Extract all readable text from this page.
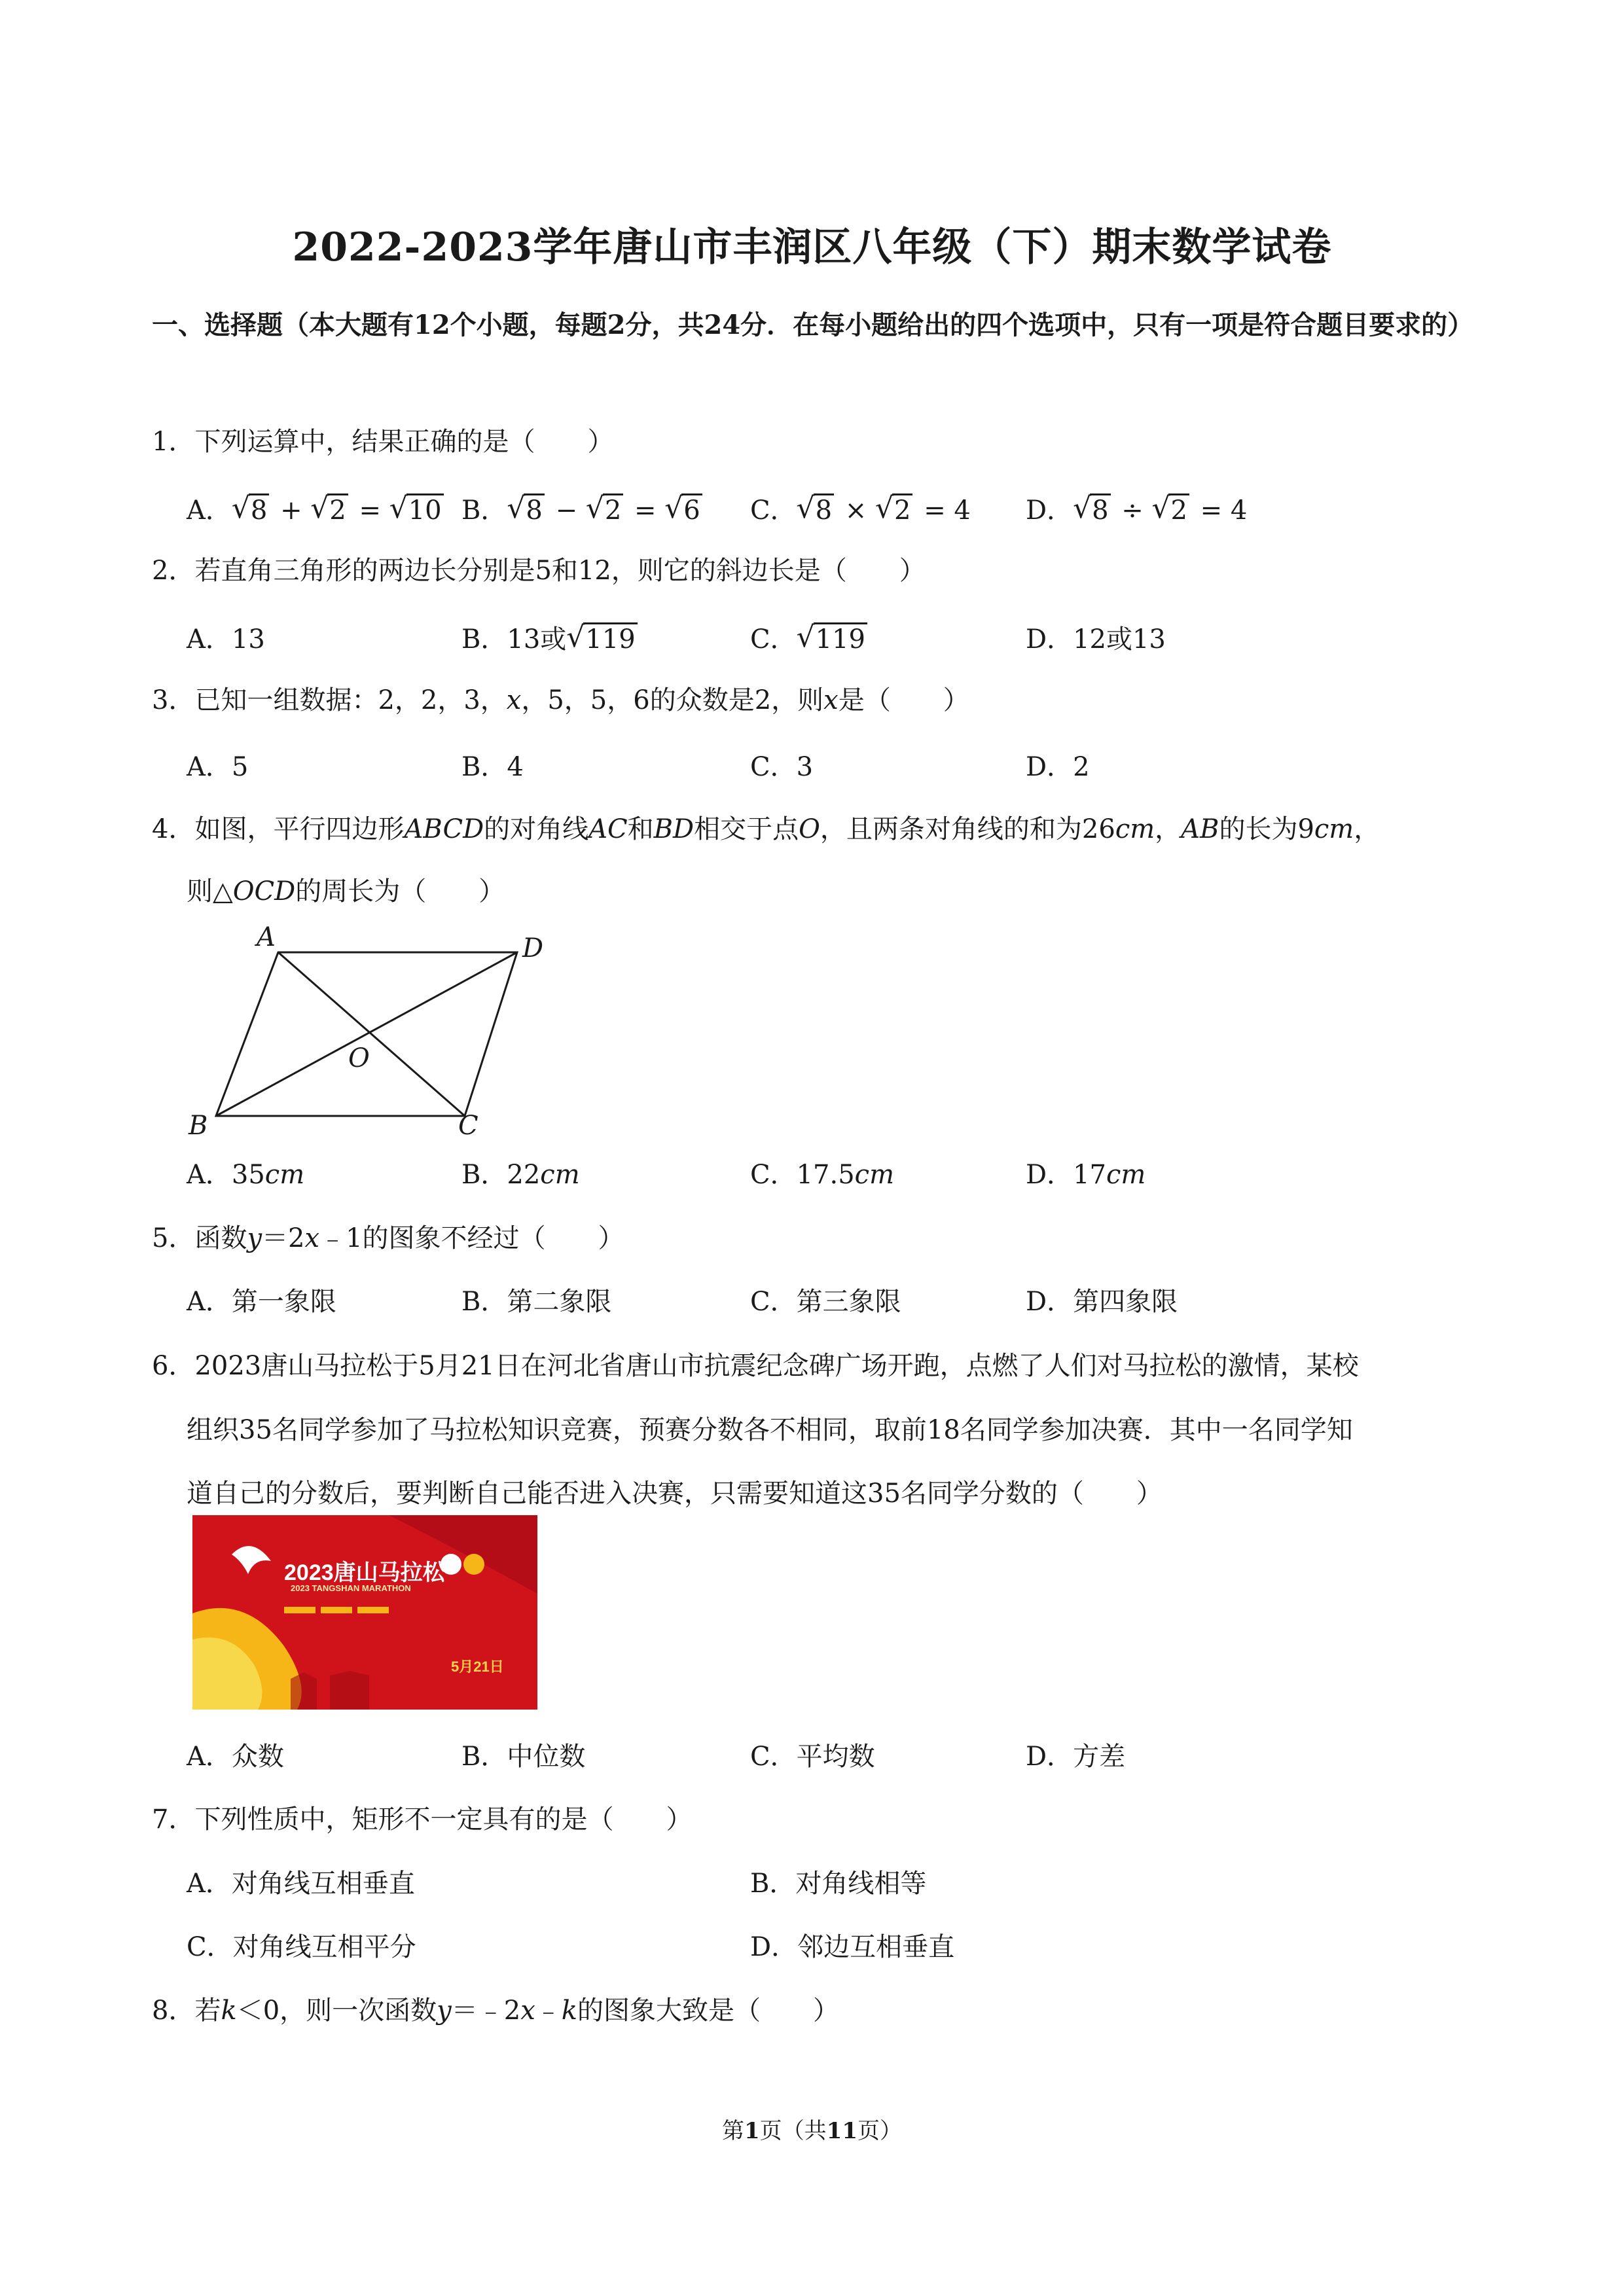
2022-2023学年唐山市丰润区八年级（下）期末数学试卷
一、选择题（本大题有12个小题，每题2分，共24分．在每小题给出的四个选项中，只有一项是符合题目要求的）
1．下列运算中，结果正确的是（　　）
A． √ 8 + √ 2 = √ 10 B． √ 8 − √ 2 = √ 6 C． √ 8 × √ 2 = 4 D． √ 8 ÷ √ 2 = 4
2．若直角三角形的两边长分别是5和12，则它的斜边长是（　　）
A．13	B．13或 √ 119	C． √ 119	D．12或13
3．已知一组数据：2，2，3，x，5，5，6的众数是2，则x是（　　）
A．5	B．4	C．3	D．2
4．如图，平行四边形ABCD的对角线AC和BD相交于点O，且两条对角线的和为26cm，AB的长为9cm，
则△OCD的周长为（　　）
A	D
B	C
O
A．35cm	B．22cm	C．17.5cm	D．17cm
5．函数y＝2x﹣1的图象不经过（　　）
A．第一象限	B．第二象限	C．第三象限	D．第四象限
6．2023唐山马拉松于5月21日在河北省唐山市抗震纪念碑广场开跑，点燃了人们对马拉松的激情，某校
组织35名同学参加了马拉松知识竞赛，预赛分数各不相同，取前18名同学参加决赛．其中一名同学知
道自己的分数后，要判断自己能否进入决赛，只需要知道这35名同学分数的（　　）
2023唐山马拉松
2023 TANGSHAN MARATHON
5月21日
A．众数	B．中位数	C．平均数	D．方差
7．下列性质中，矩形不一定具有的是（　　）
A．对角线互相垂直	B．对角线相等
C．对角线互相平分	D．邻边互相垂直
8．若k＜0，则一次函数y＝﹣2x﹣k的图象大致是（　　）
第1页（共11页）
